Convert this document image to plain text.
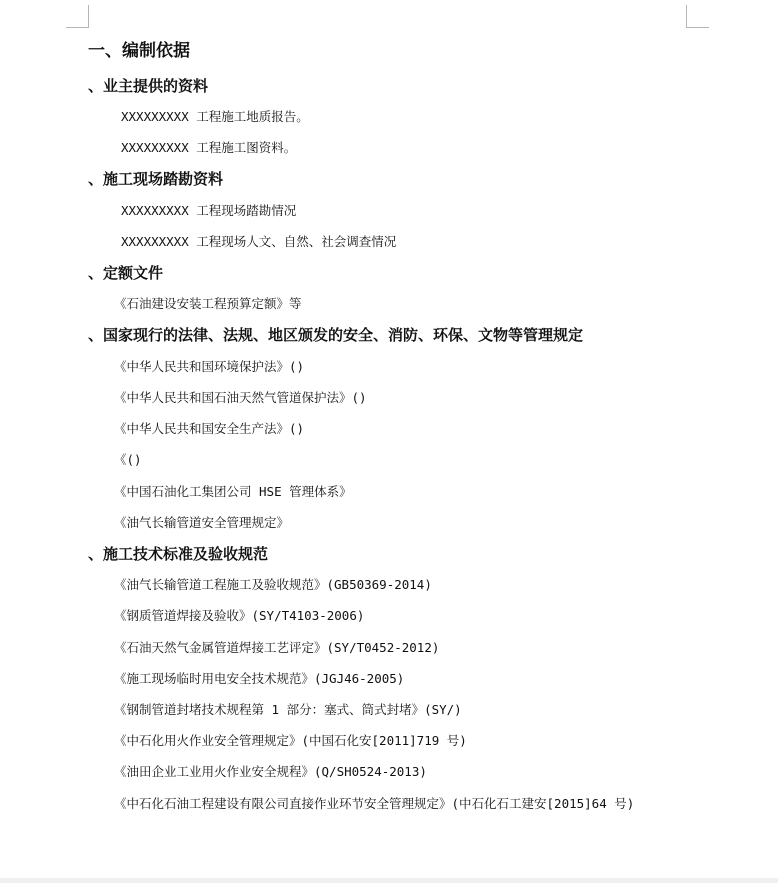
一、编制依据
、业主提供的资料
XXXXXXXXX 工程施工地质报告。
XXXXXXXXX 工程施工图资料。
、施工现场踏勘资料
XXXXXXXXX 工程现场踏勘情况
XXXXXXXXX 工程现场人文、自然、社会调查情况
、定额文件
《石油建设安装工程预算定额》等
、国家现行的法律、法规、地区颁发的安全、消防、环保、文物等管理规定
《中华人民共和国环境保护法》()
《中华人民共和国石油天然气管道保护法》()
《中华人民共和国安全生产法》()
《()
《中国石油化工集团公司 HSE 管理体系》
《油气长输管道安全管理规定》
、施工技术标准及验收规范
《油气长输管道工程施工及验收规范》(GB50369-2014)
《钢质管道焊接及验收》(SY/T4103-2006)
《石油天然气金属管道焊接工艺评定》(SY/T0452-2012)
《施工现场临时用电安全技术规范》(JGJ46-2005)
《钢制管道封堵技术规程第 1 部分：塞式、筒式封堵》(SY/)
《中石化用火作业安全管理规定》(中国石化安[2011]719 号)
《油田企业工业用火作业安全规程》(Q/SH0524-2013)
《中石化石油工程建设有限公司直接作业环节安全管理规定》(中石化石工建安[2015]64 号)
